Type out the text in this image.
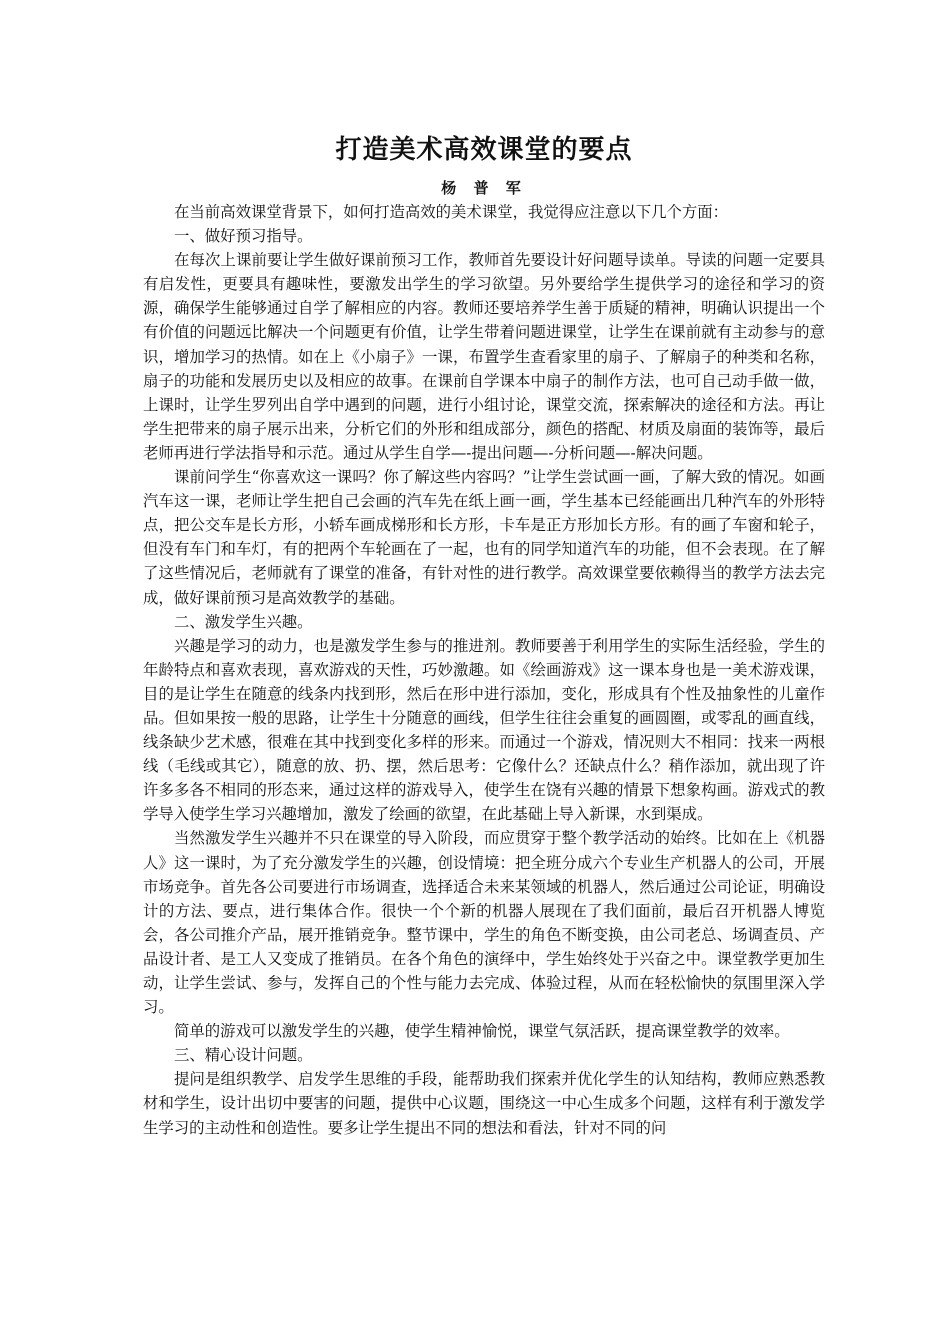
打造美术高效课堂的要点
杨 普 军

在当前高效课堂背景下，如何打造高效的美术课堂，我觉得应注意以下几个方面：

一、做好预习指导。

在每次上课前要让学生做好课前预习工作，教师首先要设计好问题导读单。导读的问题一定要具有启发性，更要具有趣味性，要激发出学生的学习欲望。另外要给学生提供学习的途径和学习的资源，确保学生能够通过自学了解相应的内容。教师还要培养学生善于质疑的精神，明确认识提出一个有价值的问题远比解决一个问题更有价值，让学生带着问题进课堂，让学生在课前就有主动参与的意识，增加学习的热情。如在上《小扇子》一课，布置学生查看家里的扇子、了解扇子的种类和名称，扇子的功能和发展历史以及相应的故事。在课前自学课本中扇子的制作方法，也可自己动手做一做，上课时，让学生罗列出自学中遇到的问题，进行小组讨论，课堂交流，探索解决的途径和方法。再让学生把带来的扇子展示出来，分析它们的外形和组成部分，颜色的搭配、材质及扇面的装饰等，最后老师再进行学法指导和示范。通过从学生自学—-提出问题—-分析问题—-解决问题。

课前问学生“你喜欢这一课吗？你了解这些内容吗？”让学生尝试画一画，了解大致的情况。如画汽车这一课，老师让学生把自己会画的汽车先在纸上画一画，学生基本已经能画出几种汽车的外形特点，把公交车是长方形，小轿车画成梯形和长方形，卡车是正方形加长方形。有的画了车窗和轮子，但没有车门和车灯，有的把两个车轮画在了一起，也有的同学知道汽车的功能，但不会表现。在了解了这些情况后，老师就有了课堂的准备，有针对性的进行教学。高效课堂要依赖得当的教学方法去完成，做好课前预习是高效教学的基础。

二、激发学生兴趣。

兴趣是学习的动力，也是激发学生参与的推进剂。教师要善于利用学生的实际生活经验，学生的年龄特点和喜欢表现，喜欢游戏的天性，巧妙激趣。如《绘画游戏》这一课本身也是一美术游戏课，目的是让学生在随意的线条内找到形，然后在形中进行添加，变化，形成具有个性及抽象性的儿童作品。但如果按一般的思路，让学生十分随意的画线，但学生往往会重复的画圆圈，或零乱的画直线，线条缺少艺术感，很难在其中找到变化多样的形来。而通过一个游戏，情况则大不相同：找来一两根线（毛线或其它），随意的放、扔、摆，然后思考：它像什么？还缺点什么？稍作添加，就出现了许许多多各不相同的形态来，通过这样的游戏导入，使学生在饶有兴趣的情景下想象构画。游戏式的教学导入使学生学习兴趣增加，激发了绘画的欲望，在此基础上导入新课，水到渠成。

当然激发学生兴趣并不只在课堂的导入阶段，而应贯穿于整个教学活动的始终。比如在上《机器人》这一课时，为了充分激发学生的兴趣，创设情境：把全班分成六个专业生产机器人的公司，开展市场竞争。首先各公司要进行市场调查，选择适合未来某领域的机器人，然后通过公司论证，明确设计的方法、要点，进行集体合作。很快一个个新的机器人展现在了我们面前，最后召开机器人博览会，各公司推介产品，展开推销竞争。整节课中，学生的角色不断变换，由公司老总、场调查员、产品设计者、是工人又变成了推销员。在各个角色的演绎中，学生始终处于兴奋之中。课堂教学更加生动，让学生尝试、参与，发挥自己的个性与能力去完成、体验过程，从而在轻松愉快的氛围里深入学习。

简单的游戏可以激发学生的兴趣，使学生精神愉悦，课堂气氛活跃，提高课堂教学的效率。

三、精心设计问题。

提问是组织教学、启发学生思维的手段，能帮助我们探索并优化学生的认知结构，教师应熟悉教材和学生，设计出切中要害的问题，提供中心议题，围绕这一中心生成多个问题，这样有利于激发学生学习的主动性和创造性。要多让学生提出不同的想法和看法，针对不同的问
